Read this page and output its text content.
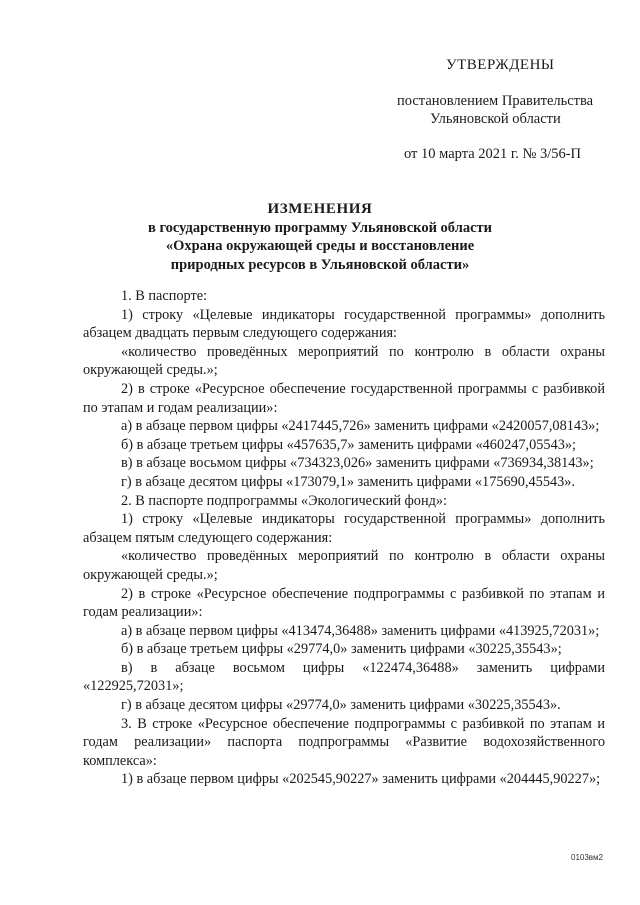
УТВЕРЖДЕНЫ
постановлением Правительства
Ульяновской области
от 10 марта 2021 г. № 3/56-П
ИЗМЕНЕНИЯ
в государственную программу Ульяновской области
«Охрана окружающей среды и восстановление
природных ресурсов в Ульяновской области»

1. В паспорте:

1) строку «Целевые индикаторы государственной программы» дополнить абзацем двадцать первым следующего содержания:

«количество проведённых мероприятий по контролю в области охраны окружающей среды.»;

2) в строке «Ресурсное обеспечение государственной программы с разбивкой по этапам и годам реализации»:

а) в абзаце первом цифры «2417445,726» заменить цифрами «2420057,08143»;

б) в абзаце третьем цифры «457635,7» заменить цифрами «460247,05543»;

в) в абзаце восьмом цифры «734323,026» заменить цифрами «736934,38143»;

г) в абзаце десятом цифры «173079,1» заменить цифрами «175690,45543».

2. В паспорте подпрограммы «Экологический фонд»:

1) строку «Целевые индикаторы государственной программы» дополнить абзацем пятым следующего содержания:

«количество проведённых мероприятий по контролю в области охраны окружающей среды.»;

2) в строке «Ресурсное обеспечение подпрограммы с разбивкой по этапам и годам реализации»:

а) в абзаце первом цифры «413474,36488» заменить цифрами «413925,72031»;

б) в абзаце третьем цифры «29774,0» заменить цифрами «30225,35543»;

в) в абзаце восьмом цифры «122474,36488» заменить цифрами «122925,72031»;

г) в абзаце десятом цифры «29774,0» заменить цифрами «30225,35543».

3. В строке «Ресурсное обеспечение подпрограммы с разбивкой по этапам и годам реализации» паспорта подпрограммы «Развитие водохозяйственного комплекса»:

1) в абзаце первом цифры «202545,90227» заменить цифрами «204445,90227»;

0103вм2
